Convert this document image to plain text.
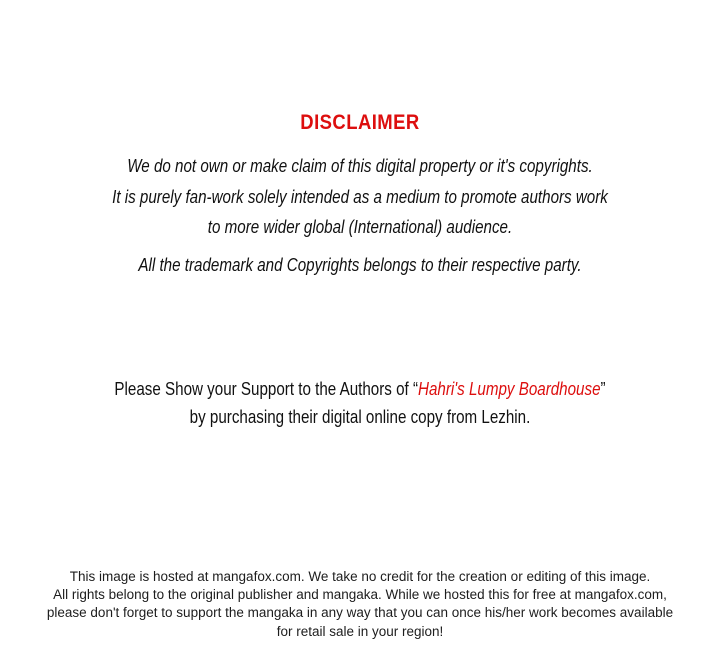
DISCLAIMER
We do not own or make claim of this digital property or it's copyrights.
It is purely fan-work solely intended as a medium to promote authors work
to more wider global (International) audience.
All the trademark and Copyrights belongs to their respective party.
Please Show your Support to the Authors of “Hahri's Lumpy Boardhouse”
by purchasing their digital online copy from Lezhin.
This image is hosted at mangafox.com. We take no credit for the creation or editing of this image.
All rights belong to the original publisher and mangaka. While we hosted this for free at mangafox.com,
please don't forget to support the mangaka in any way that you can once his/her work becomes available
for retail sale in your region!
